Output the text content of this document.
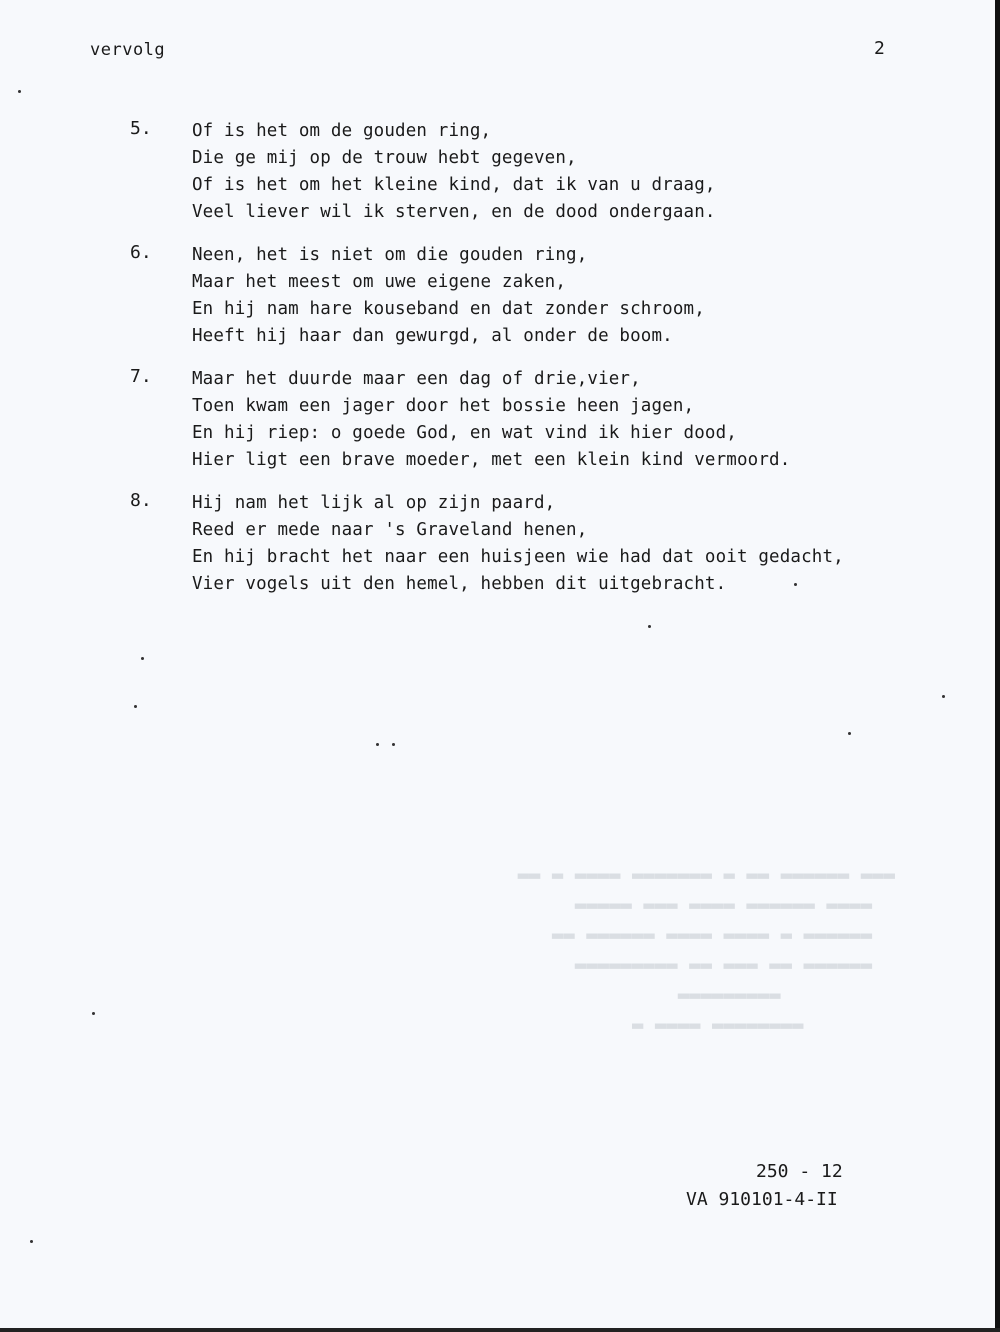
vervolg	2
5.	Of is het om de gouden ring,
Die ge mij op de trouw hebt gegeven,
Of is het om het kleine kind, dat ik van u draag,
Veel liever wil ik sterven, en de dood ondergaan.
6.	Neen, het is niet om die gouden ring,
Maar het meest om uwe eigene zaken,
En hij nam hare kouseband en dat zonder schroom,
Heeft hij haar dan gewurgd, al onder de boom.
7.	Maar het duurde maar een dag of drie,vier,
Toen kwam een jager door het bossie heen jagen,
En hij riep: o goede God, en wat vind ik hier dood,
Hier ligt een brave moeder, met een klein kind vermoord.
8.	Hij nam het lijk al op zijn paard,
Reed er mede naar 's Graveland henen,
En hij bracht het naar een huisjeen wie had dat ooit gedacht,
Vier vogels uit den hemel, hebben dit uitgebracht.
▬▬▬ ▬▬▬▬▬▬ ▬▬ ▬ ▬▬▬▬▬▬▬ ▬▬▬▬ ▬ ▬▬
▬▬▬▬ ▬▬▬▬▬▬ ▬▬▬▬ ▬▬▬ ▬▬▬▬▬
▬▬▬▬▬▬ ▬ ▬▬▬▬ ▬▬▬▬ ▬▬▬▬▬▬ ▬▬
▬▬▬▬▬▬ ▬▬ ▬▬▬ ▬▬ ▬▬▬▬▬▬▬▬▬
▬▬▬▬▬▬▬▬▬
▬▬▬▬▬▬▬▬ ▬▬▬▬ ▬
250 - 12
VA 910101-4-II
